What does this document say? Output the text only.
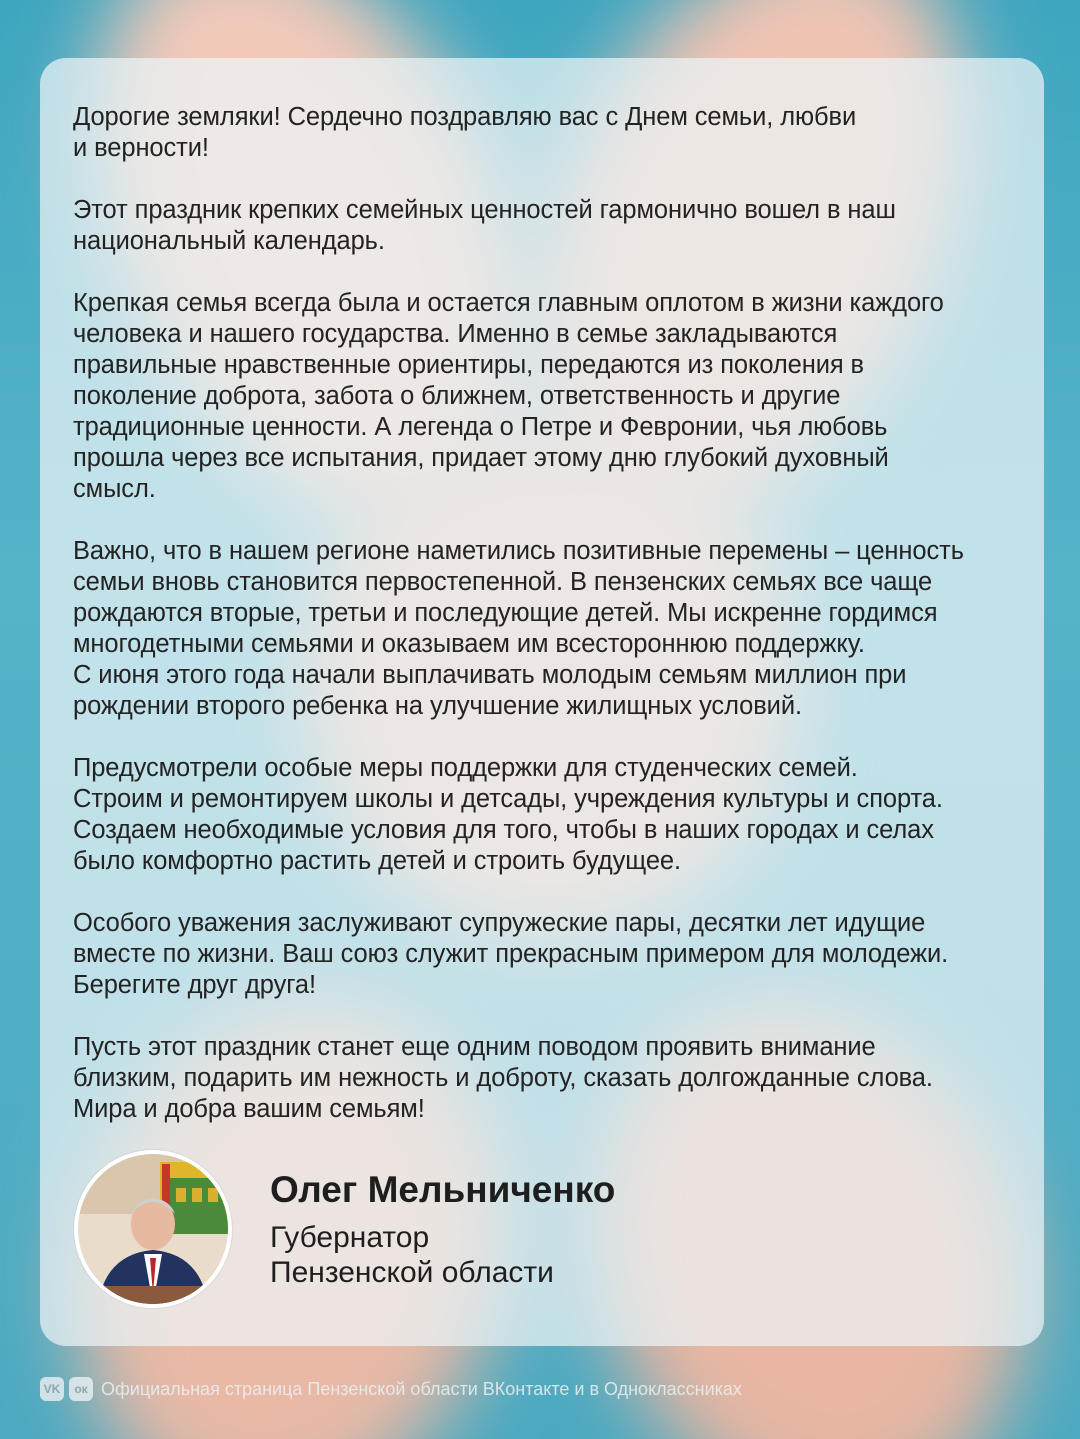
Дорогие земляки! Сердечно поздравляю вас с Днем семьи, любви
и верности!

Этот праздник крепких семейных ценностей гармонично вошел в наш
национальный календарь.

Крепкая семья всегда была и остается главным оплотом в жизни каждого
человека и нашего государства. Именно в семье закладываются
правильные нравственные ориентиры, передаются из поколения в
поколение доброта, забота о ближнем, ответственность и другие
традиционные ценности. А легенда о Петре и Февронии, чья любовь
прошла через все испытания, придает этому дню глубокий духовный
смысл.

Важно, что в нашем регионе наметились позитивные перемены – ценность
семьи вновь становится первостепенной. В пензенских семьях все чаще
рождаются вторые, третьи и последующие детей. Мы искренне гордимся
многодетными семьями и оказываем им всестороннюю поддержку.
С июня этого года начали выплачивать молодым семьям миллион при
рождении второго ребенка на улучшение жилищных условий.

Предусмотрели особые меры поддержки для студенческих семей.
Строим и ремонтируем школы и детсады, учреждения культуры и спорта.
Создаем необходимые условия для того, чтобы в наших городах и селах
было комфортно растить детей и строить будущее.

Особого уважения заслуживают супружеские пары, десятки лет идущие
вместе по жизни. Ваш союз служит прекрасным примером для молодежи.
Берегите друг друга!

Пусть этот праздник станет еще одним поводом проявить внимание
близким, подарить им нежность и доброту, сказать долгожданные слова.
Мира и добра вашим семьям!

Олег Мельниченко

Губернатор

Пензенской области

VK	ок Официальная страница Пензенской области ВКонтакте и в Одноклассниках
